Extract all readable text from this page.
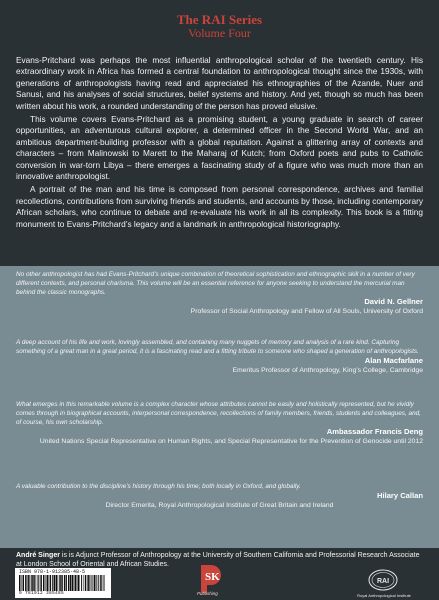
The RAI Series
Volume Four

Evans-Pritchard was perhaps the most influential anthropological scholar of the twentieth century. His extraordinary work in Africa has formed a central foundation to anthropological thought since the 1930s, with generations of anthropologists having read and appreciated his ethnographies of the Azande, Nuer and Sanusi, and his analyses of social structures, belief systems and history. And yet, though so much has been written about his work, a rounded understanding of the person has proved elusive.

This volume covers Evans-Pritchard as a promising student, a young graduate in search of career opportunities, an adventurous cultural explorer, a determined officer in the Second World War, and an ambitious department-building professor with a global reputation. Against a glittering array of contexts and characters – from Malinowski to Marett to the Maharaj of Kutch; from Oxford poets and pubs to Catholic conversion in war-torn Libya – there emerges a fascinating study of a figure who was much more than an innovative anthropologist.

A portrait of the man and his time is composed from personal correspondence, archives and familial recollections, contributions from surviving friends and students, and accounts by those, including contemporary African scholars, who continue to debate and re-evaluate his work in all its complexity. This book is a fitting monument to Evans-Pritchard’s legacy and a landmark in anthropological historiography.

No other anthropologist has had Evans-Pritchard’s unique combination of theoretical sophistication and ethnographic skill in a number of very different contexts, and personal charisma. This volume will be an essential reference for anyone seeking to understand the mercurial man behind the classic monographs.
David N. Gellner
Professor of Social Anthropology and Fellow of All Souls, University of Oxford
A deep account of his life and work, lovingly assembled, and containing many nuggets of memory and analysis of a rare kind. Capturing something of a great man in a great period, it is a fascinating read and a fitting tribute to someone who shaped a generation of anthropologists.
Alan Macfarlane
Emeritus Professor of Anthropology, King’s College, Cambridge
What emerges in this remarkable volume is a complex character whose attributes cannot be easily and holistically represented, but he vividly comes through in biographical accounts, interpersonal correspondence, recollections of family members, friends, students and colleagues, and, of course, his own scholarship.
Ambassador Francis Deng
United Nations Special Representative on Human Rights, and Special Representative for the Prevention of Genocide until 2012
A valuable contribution to the discipline’s history through his time; both locally in Oxford, and globally.
Hilary Callan
Director Emerita, Royal Anthropological Institute of Great Britain and Ireland
André Singer is is Adjunct Professor of Anthropology at the University of Southern California and Professorial Research Associate at London School of Oriental and African Studies.
ISBN 978-1-912385-48-5
9 781912 385485
SK
Publishing
RAI
Royal Anthropological Institute
